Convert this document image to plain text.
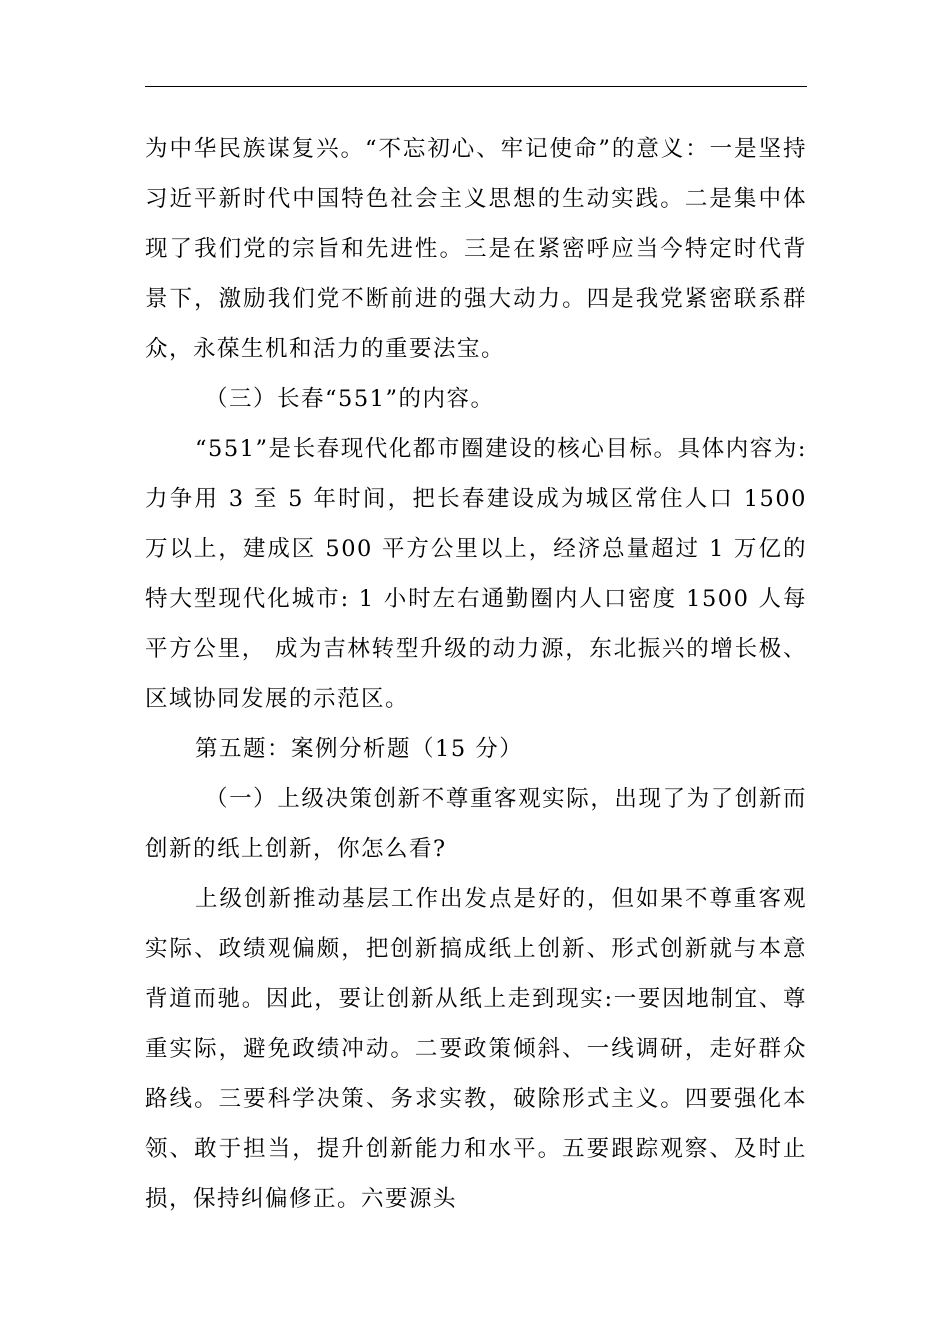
为中华民族谋复兴。“不忘初心、牢记使命”的意义：一是坚持习近平新时代中国特色社会主义思想的生动实践。二是集中体现了我们党的宗旨和先进性。三是在紧密呼应当今特定时代背景下，激励我们党不断前进的强大动力。四是我党紧密联系群众，永葆生机和活力的重要法宝。

（三）长春“551”的内容。

“551”是长春现代化都市圈建设的核心目标。具体内容为:力争用 3 至 5 年时间，把长春建设成为城区常住人口 1500 万以上，建成区 500 平方公里以上，经济总量超过 1 万亿的特大型现代化城市: 1 小时左右通勤圈内人口密度 1500 人每平方公里， 成为吉林转型升级的动力源，东北振兴的增长极、区域协同发展的示范区。

第五题：案例分析题（15 分）

（一）上级决策创新不尊重客观实际，出现了为了创新而创新的纸上创新，你怎么看?

上级创新推动基层工作出发点是好的，但如果不尊重客观实际、政绩观偏颇，把创新搞成纸上创新、形式创新就与本意背道而驰。因此，要让创新从纸上走到现实:一要因地制宜、尊重实际，避免政绩冲动。二要政策倾斜、一线调研，走好群众路线。三要科学决策、务求实教，破除形式主义。四要强化本领、敢于担当，提升创新能力和水平。五要跟踪观察、及时止损，保持纠偏修正。六要源头
